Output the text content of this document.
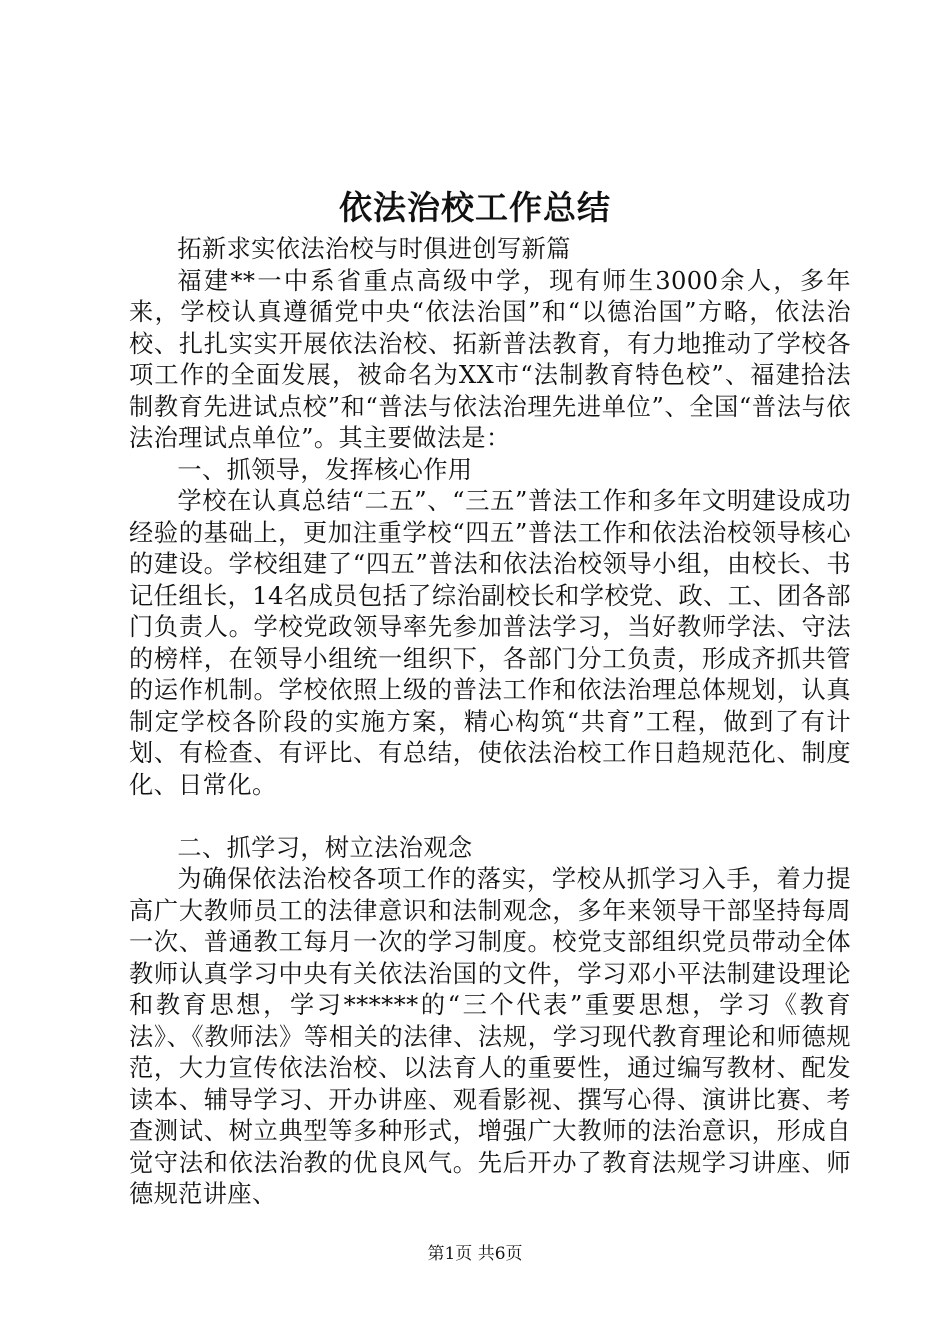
依法治校工作总结

拓新求实依法治校与时俱进创写新篇

福建**一中系省重点高级中学，现有师生3000余人，多年来，学校认真遵循党中央“依法治国”和“以德治国”方略，依法治校、扎扎实实开展依法治校、拓新普法教育，有力地推动了学校各项工作的全面发展，被命名为XX市“法制教育特色校”、福建拾法制教育先进试点校”和“普法与依法治理先进单位”、全国“普法与依法治理试点单位”。其主要做法是：

一、抓领导，发挥核心作用

学校在认真总结“二五”、“三五”普法工作和多年文明建设成功经验的基础上，更加注重学校“四五”普法工作和依法治校领导核心的建设。学校组建了“四五”普法和依法治校领导小组，由校长、书记任组长，14名成员包括了综治副校长和学校党、政、工、团各部门负责人。学校党政领导率先参加普法学习，当好教师学法、守法的榜样，在领导小组统一组织下，各部门分工负责，形成齐抓共管的运作机制。学校依照上级的普法工作和依法治理总体规划，认真制定学校各阶段的实施方案，精心构筑“共育”工程，做到了有计划、有检查、有评比、有总结，使依法治校工作日趋规范化、制度化、日常化。

二、抓学习，树立法治观念

为确保依法治校各项工作的落实，学校从抓学习入手，着力提高广大教师员工的法律意识和法制观念，多年来领导干部坚持每周一次、普通教工每月一次的学习制度。校党支部组织党员带动全体教师认真学习中央有关依法治国的文件，学习邓小平法制建设理论和教育思想，学习******的“三个代表”重要思想，学习《教育法》、《教师法》等相关的法律、法规，学习现代教育理论和师德规范，大力宣传依法治校、以法育人的重要性，通过编写教材、配发读本、辅导学习、开办讲座、观看影视、撰写心得、演讲比赛、考查测试、树立典型等多种形式，增强广大教师的法治意识，形成自觉守法和依法治教的优良风气。先后开办了教育法规学习讲座、师德规范讲座、

第1页 共6页
